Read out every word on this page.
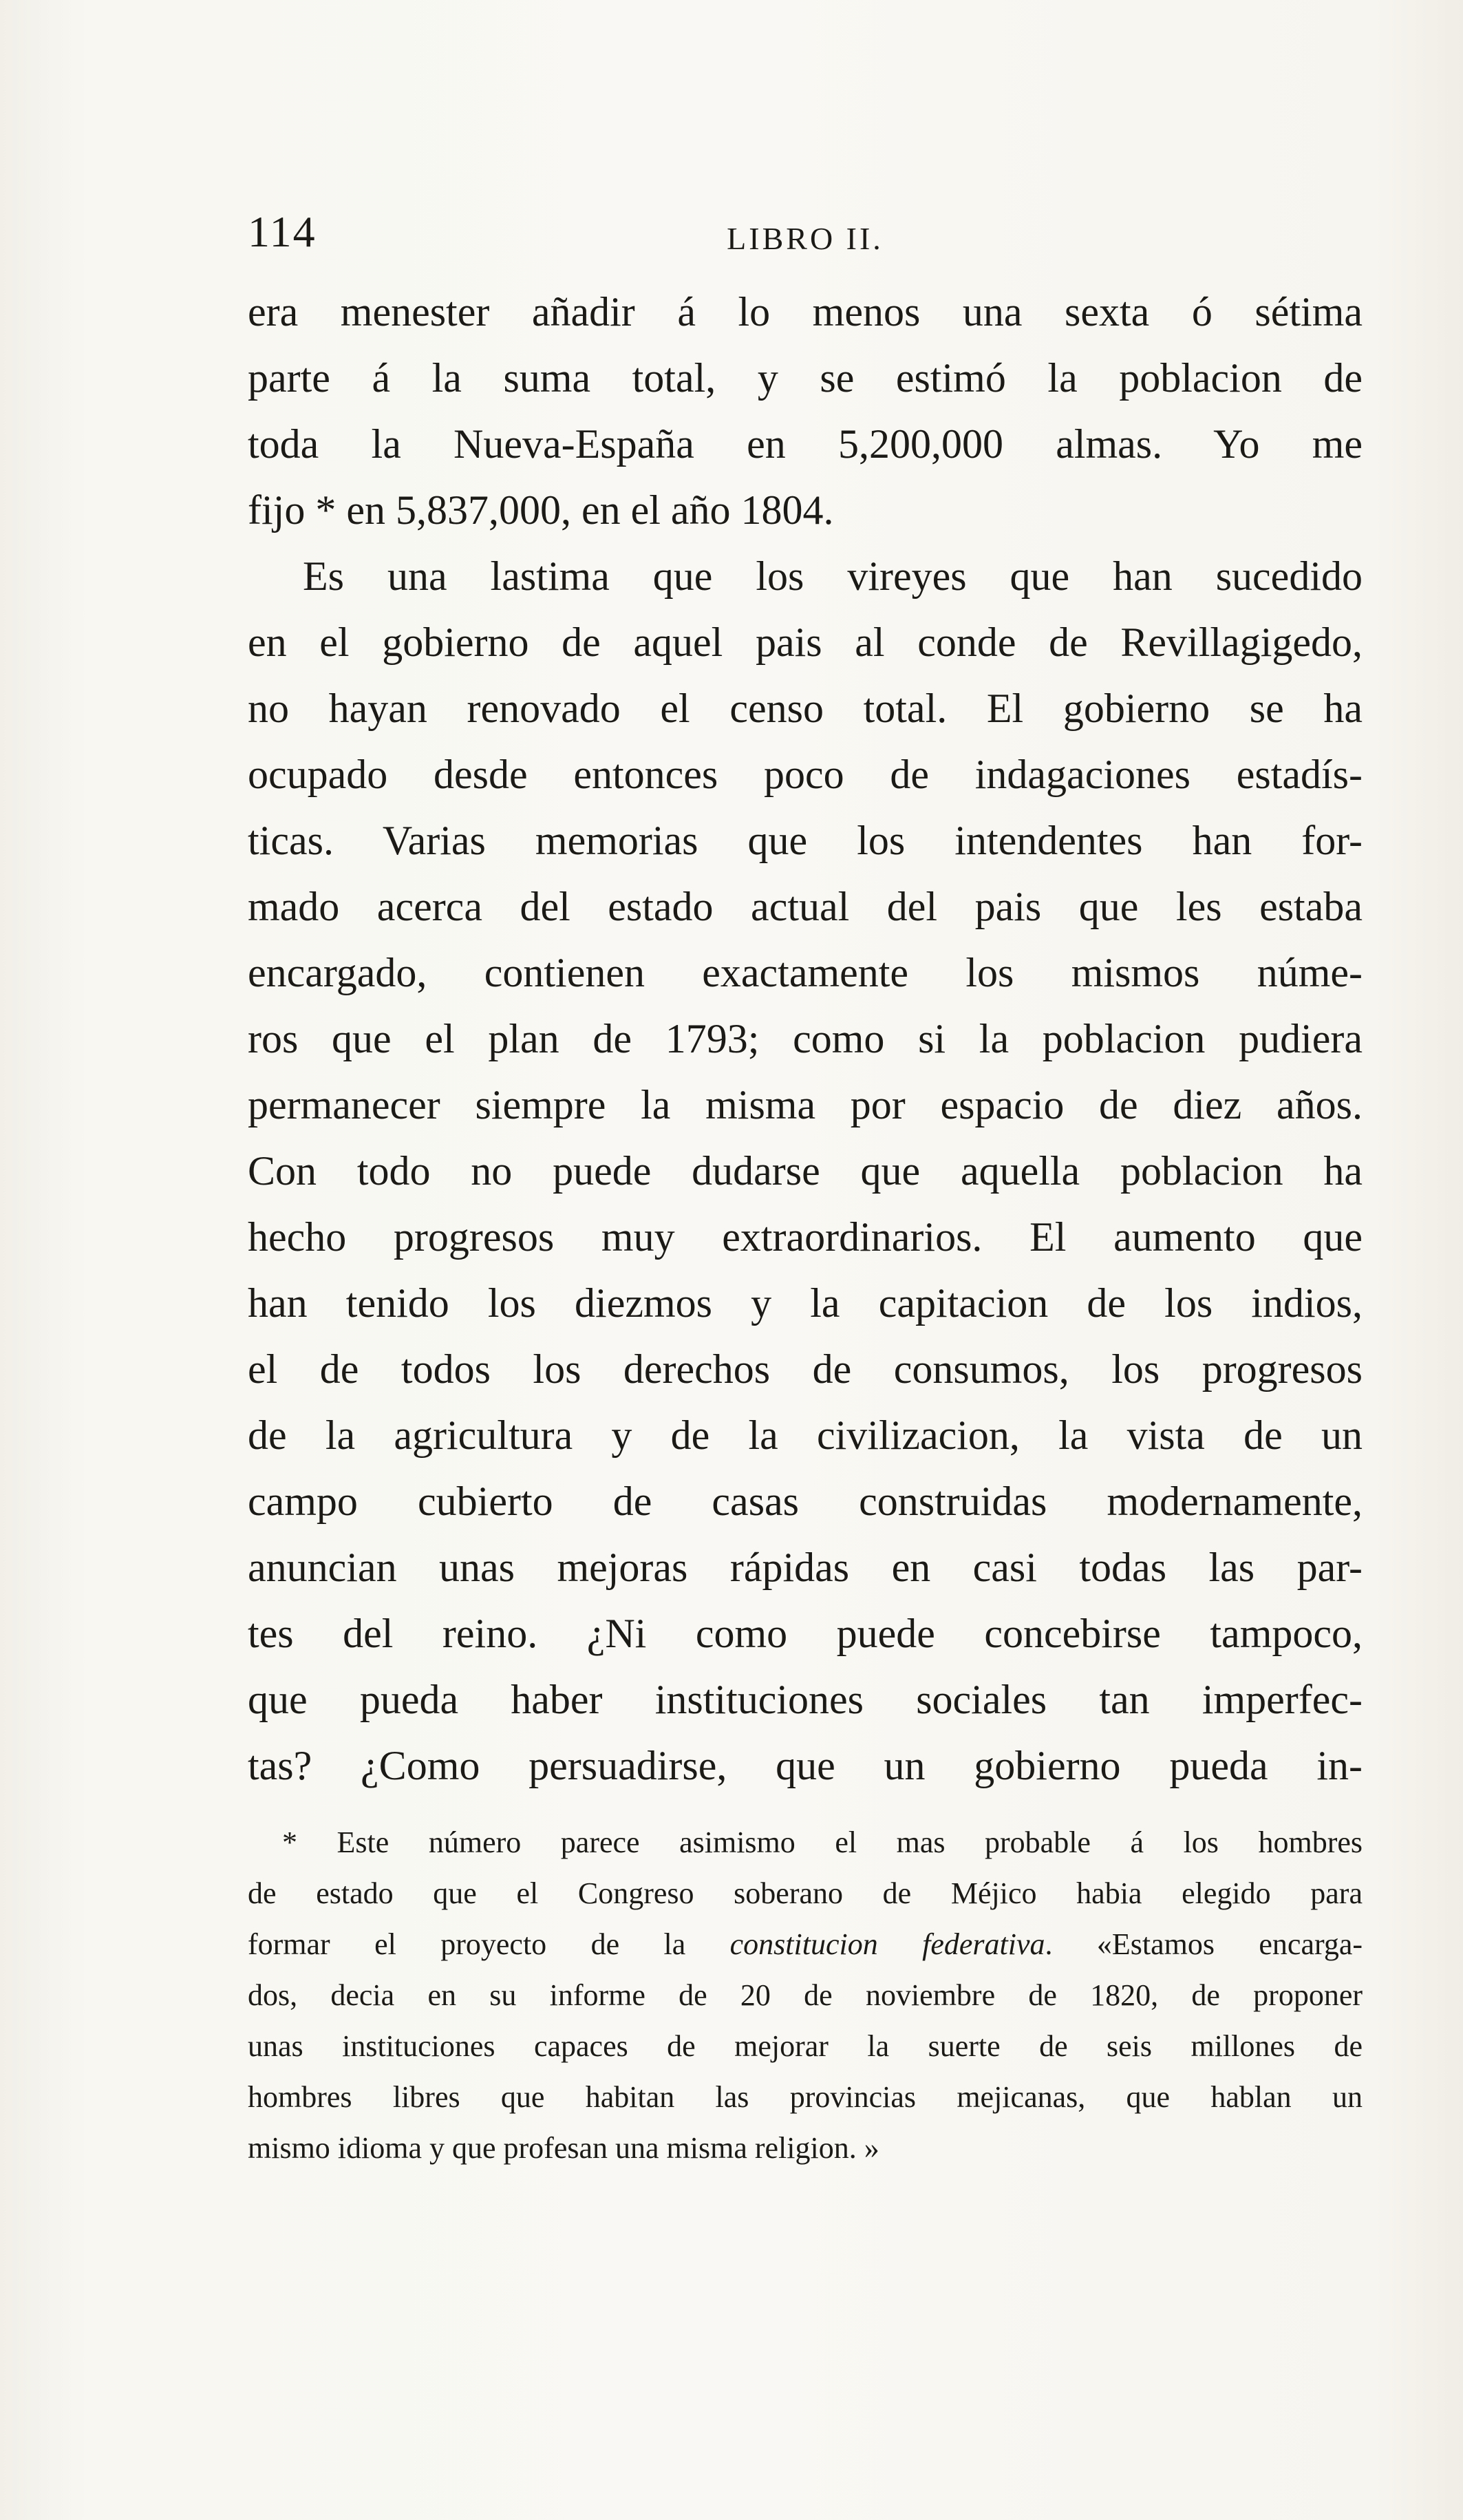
114	LIBRO II.
era menester añadir á lo menos una sexta ó sétima
parte á la suma total, y se estimó la poblacion de
toda la Nueva-España en 5,200,000 almas. Yo me
fijo * en 5,837,000, en el año 1804.
Es una lastima que los vireyes que han sucedido
en el gobierno de aquel pais al conde de Revillagigedo,
no hayan renovado el censo total. El gobierno se ha
ocupado desde entonces poco de indagaciones estadís-
ticas. Varias memorias que los intendentes han for-
mado acerca del estado actual del pais que les estaba
encargado, contienen exactamente los mismos núme-
ros que el plan de 1793; como si la poblacion pudiera
permanecer siempre la misma por espacio de diez años.
Con todo no puede dudarse que aquella poblacion ha
hecho progresos muy extraordinarios. El aumento que
han tenido los diezmos y la capitacion de los indios,
el de todos los derechos de consumos, los progresos
de la agricultura y de la civilizacion, la vista de un
campo cubierto de casas construidas modernamente,
anuncian unas mejoras rápidas en casi todas las par-
tes del reino. ¿Ni como puede concebirse tampoco,
que pueda haber instituciones sociales tan imperfec-
tas? ¿Como persuadirse, que un gobierno pueda in-
* Este número parece asimismo el mas probable á los hombres
de estado que el Congreso soberano de Méjico habia elegido para
formar el proyecto de la constitucion federativa. «Estamos encarga-
dos, decia en su informe de 20 de noviembre de 1820, de proponer
unas instituciones capaces de mejorar la suerte de seis millones de
hombres libres que habitan las provincias mejicanas, que hablan un
mismo idioma y que profesan una misma religion. »
